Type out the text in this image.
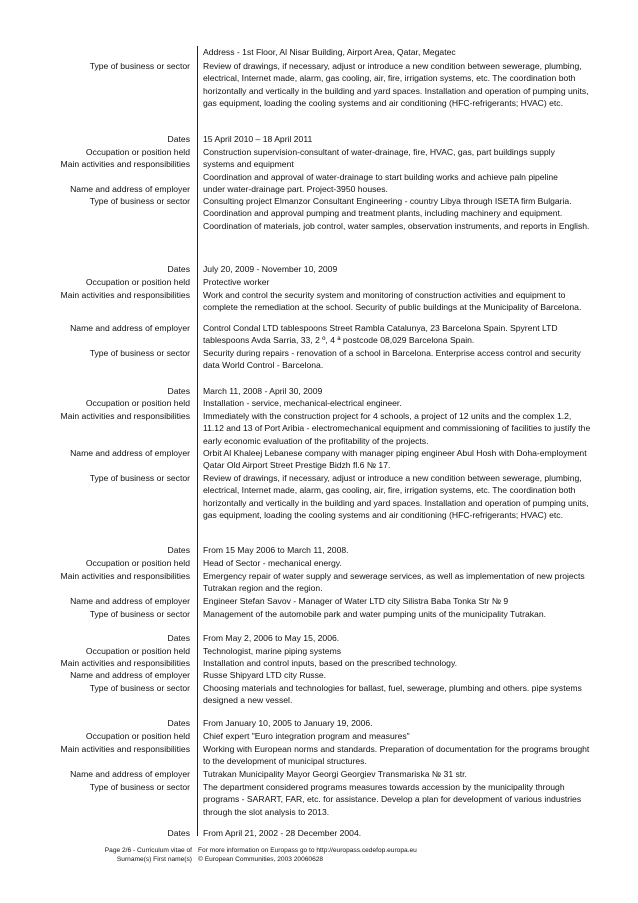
Address - 1st Floor, Al Nisar Building, Airport Area, Qatar, Megatec
Type of business or sector Review of drawings, if necessary, adjust or introduce a new condition between sewerage, plumbing, electrical, Internet made, alarm, gas cooling, air, fire, irrigation systems, etc. The coordination both horizontally and vertically in the building and yard spaces. Installation and operation of pumping units, gas equipment, loading the cooling systems and air conditioning (HFC-refrigerants; HVAC) etc.
Dates 15 April 2010 – 18 April 2011
Occupation or position held Construction supervision-consultant of water-drainage, fire, HVAC, gas, part buildings supply
Main activities and responsibilities systems and equipment
Coordination and approval of water-drainage to start building works and achieve paln pipeline
Name and address of employer under water-drainage part. Project-3950 houses.
Type of business or sector Consulting project Elmanzor Consultant Engineering - country Libya through ISETA firm Bulgaria. Coordination and approval pumping and treatment plants, including machinery and equipment. Coordination of materials, job control, water samples, observation instruments, and reports in English.
Dates July 20, 2009 - November 10, 2009
Occupation or position held Protective worker
Main activities and responsibilities Work and control the security system and monitoring of construction activities and equipment to complete the remediation at the school. Security of public buildings at the Municipality of Barcelona.
Name and address of employer Control Condal LTD tablespoons Street Rambla Catalunya, 23 Barcelona Spain. Spyrent LTD
tablespoons Avda Sarria, 33, 2 º, 4 ª postcode 08,029 Barcelona Spain.
Type of business or sector Security during repairs - renovation of a school in Barcelona. Enterprise access control and security data World Control - Barcelona.
Dates March 11, 2008 - April 30, 2009
Occupation or position held Installation - service, mechanical-electrical engineer.
Main activities and responsibilities Immediately with the construction project for 4 schools, a project of 12 units and the complex 1.2, 11.12 and 13 of Port Aribia - electromechanical equipment and commissioning of facilities to justify the early economic evaluation of the profitability of the projects.
Name and address of employer Orbit Al Khaleej Lebanese company with manager piping engineer Abul Hosh with Doha-employment Qatar Old Airport Street Prestige Bidzh fl.6 № 17.
Type of business or sector Review of drawings, if necessary, adjust or introduce a new condition between sewerage, plumbing, electrical, Internet made, alarm, gas cooling, air, fire, irrigation systems, etc. The coordination both horizontally and vertically in the building and yard spaces. Installation and operation of pumping units, gas equipment, loading the cooling systems and air conditioning (HFC-refrigerants; HVAC) etc.
Dates From 15 May 2006 to March 11, 2008.
Occupation or position held Head of Sector - mechanical energy.
Main activities and responsibilities Emergency repair of water supply and sewerage services, as well as implementation of new projects Tutrakan region and the region.
Name and address of employer Engineer Stefan Savov - Manager of Water LTD city Silistra Baba Tonka Str № 9
Type of business or sector Management of the automobile park and water pumping units of the municipality Tutrakan.
Dates From May 2, 2006 to May 15, 2006.
Occupation or position held Technologist, marine piping systems
Main activities and responsibilities Installation and control inputs, based on the prescribed technology.
Name and address of employer Russe Shipyard LTD city Russe.
Type of business or sector Choosing materials and technologies for ballast, fuel, sewerage, plumbing and others. pipe systems designed a new vessel.
Dates From January 10, 2005 to January 19, 2006.
Occupation or position held Chief expert "Euro integration program and measures"
Main activities and responsibilities Working with European norms and standards. Preparation of documentation for the programs brought to the development of municipal structures.
Name and address of employer Tutrakan Municipality Mayor Georgi Georgiev Transmariska № 31 str.
Type of business or sector The department considered programs measures towards accession by the municipality through programs - SARART, FAR, etc. for assistance. Develop a plan for development of various industries through the slot analysis to 2013.
Dates From April 21, 2002 - 28 December 2004.
Page 2/6 - Curriculum vitae of
Surname(s) First name(s)
For more information on Europass go to http://europass.cedefop.europa.eu
© European Communities, 2003 20060628
